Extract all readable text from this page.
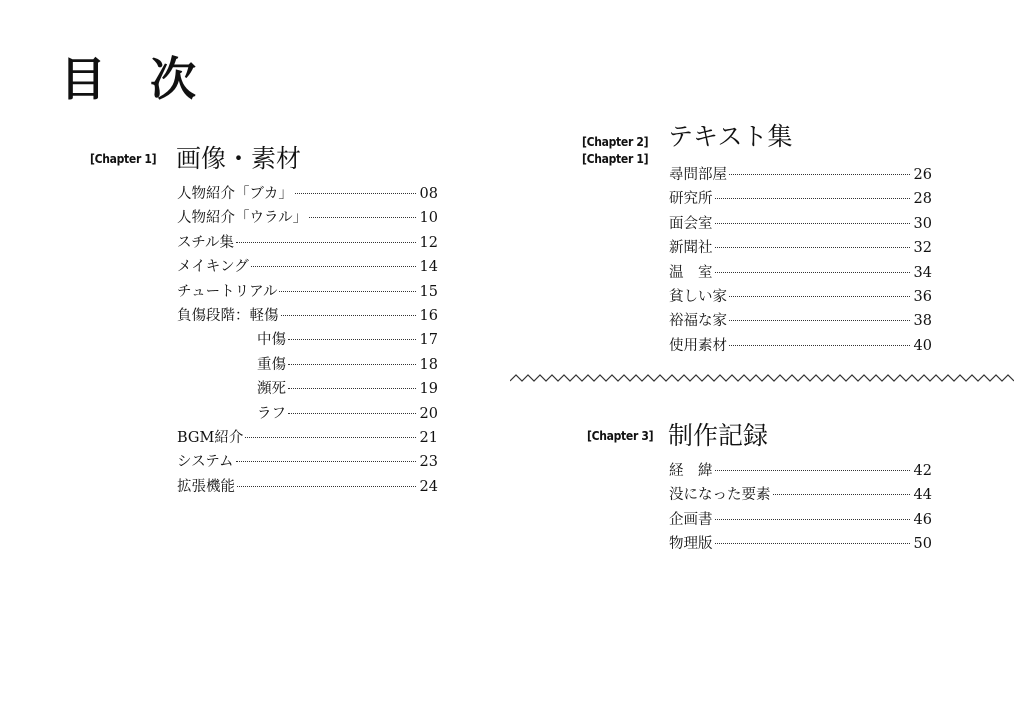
目 次
[Chapter 1] 画像・素材
人物紹介「ブカ」	08
人物紹介「ウラル」	10
スチル集	12
メイキング	14
チュートリアル	15
負傷段階：軽傷	16
中傷	17
重傷	18
瀕死	19
ラフ	20
BGM紹介	21
システム	23
拡張機能	24
[Chapter 2]
[Chapter 1]
テキスト集
尋問部屋	26
研究所	28
面会室	30
新聞社	32
温　室	34
貧しい家	36
裕福な家	38
使用素材	40
[Chapter 3] 制作記録
経　緯	42
没になった要素	44
企画書	46
物理版	50
